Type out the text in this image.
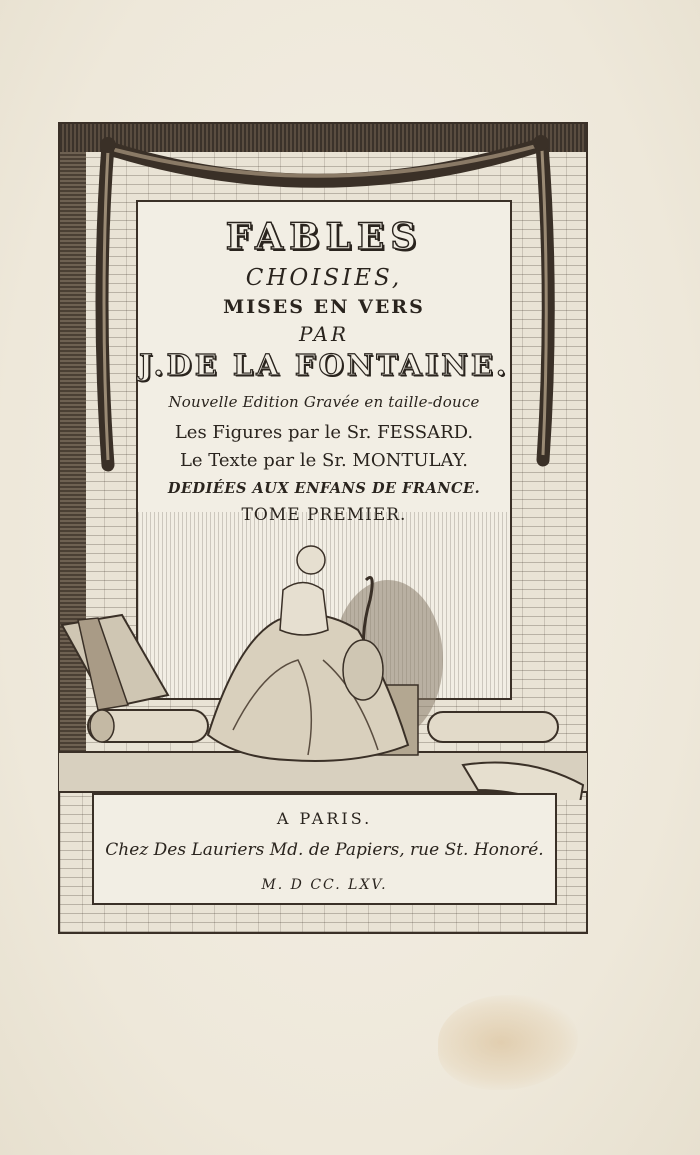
FABLES

CHOISIES,

MISES EN VERS

PAR

J.DE LA FONTAINE.

Nouvelle Edition Gravée en taille-douce

Les Figures par le Sr. FESSARD.

Le Texte par le Sr. MONTULAY.

DEDIÉES AUX ENFANS DE FRANCE.

TOME PREMIER.

A PARIS.

Chez Des Lauriers Md. de Papiers, rue St. Honoré.

M. D CC. LXV.
